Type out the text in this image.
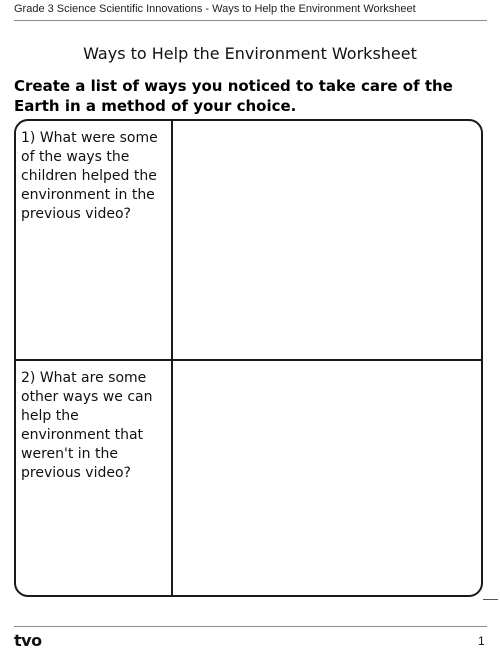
Grade 3 Science Scientific Innovations - Ways to Help the Environment Worksheet
Ways to Help the Environment Worksheet
Create a list of ways you noticed to take care of the Earth in a method of your choice.
1) What were some of the ways the children helped the environment in the previous video?
2) What are some other ways we can help the environment that weren't in the previous video?
tvo	1
